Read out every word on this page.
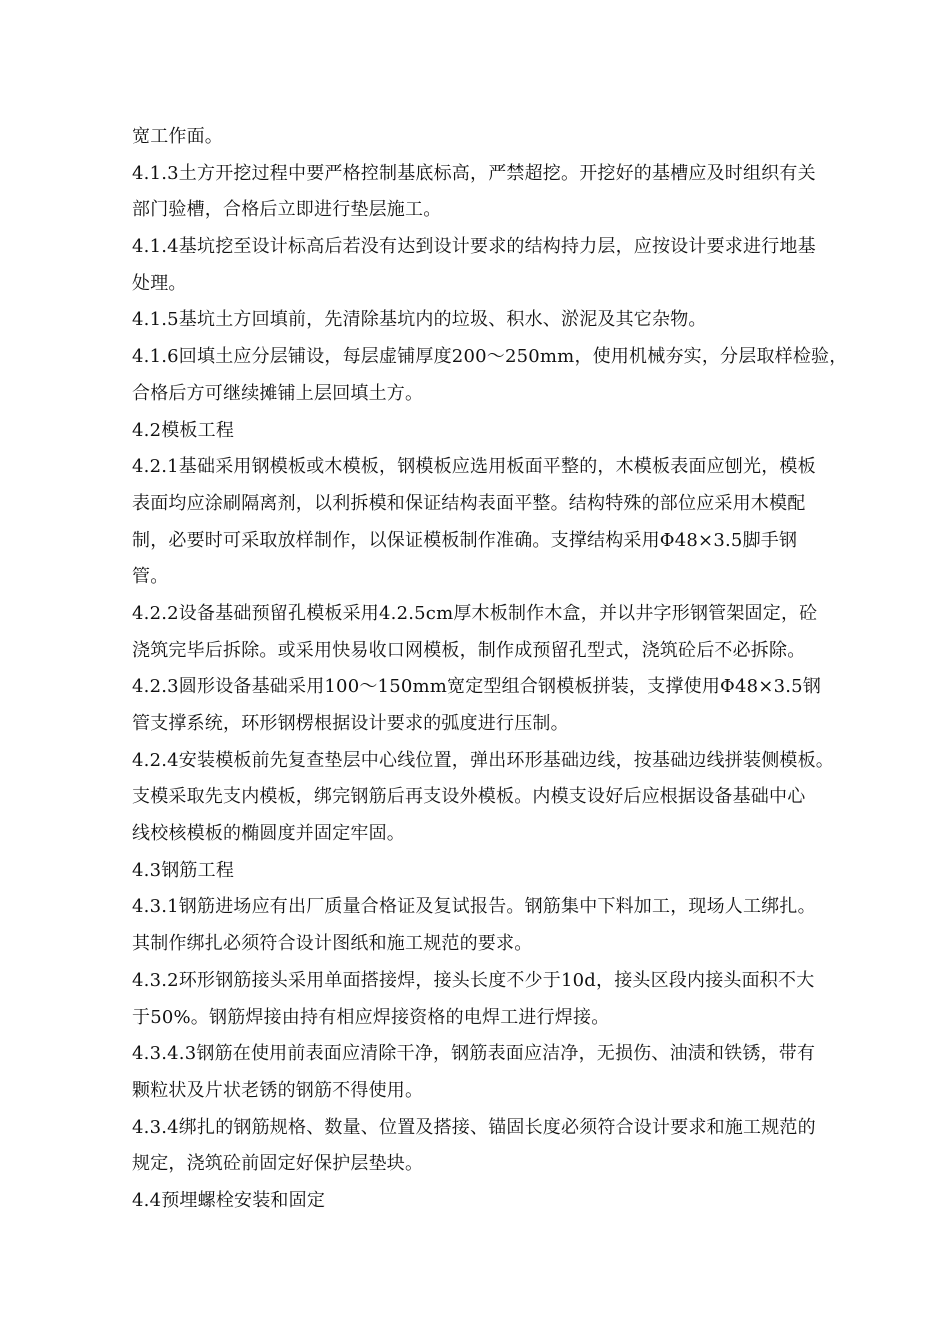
宽工作面。
4.1.3土方开挖过程中要严格控制基底标高，严禁超挖。开挖好的基槽应及时组织有关
部门验槽，合格后立即进行垫层施工。
4.1.4基坑挖至设计标高后若没有达到设计要求的结构持力层，应按设计要求进行地基
处理。
4.1.5基坑土方回填前，先清除基坑内的垃圾、积水、淤泥及其它杂物。
4.1.6回填土应分层铺设，每层虚铺厚度200～250mm，使用机械夯实，分层取样检验，
合格后方可继续摊铺上层回填土方。
4.2模板工程
4.2.1基础采用钢模板或木模板，钢模板应选用板面平整的，木模板表面应刨光，模板
表面均应涂刷隔离剂，以利拆模和保证结构表面平整。结构特殊的部位应采用木模配
制，必要时可采取放样制作，以保证模板制作准确。支撑结构采用Φ48×3.5脚手钢
管。
4.2.2设备基础预留孔模板采用4.2.5cm厚木板制作木盒，并以井字形钢管架固定，砼
浇筑完毕后拆除。或采用快易收口网模板，制作成预留孔型式，浇筑砼后不必拆除。
4.2.3圆形设备基础采用100～150mm宽定型组合钢模板拼装，支撑使用Φ48×3.5钢
管支撑系统，环形钢楞根据设计要求的弧度进行压制。
4.2.4安装模板前先复查垫层中心线位置，弹出环形基础边线，按基础边线拼装侧模板。
支模采取先支内模板，绑完钢筋后再支设外模板。内模支设好后应根据设备基础中心
线校核模板的椭圆度并固定牢固。
4.3钢筋工程
4.3.1钢筋进场应有出厂质量合格证及复试报告。钢筋集中下料加工，现场人工绑扎。
其制作绑扎必须符合设计图纸和施工规范的要求。
4.3.2环形钢筋接头采用单面搭接焊，接头长度不少于10d，接头区段内接头面积不大
于50%。钢筋焊接由持有相应焊接资格的电焊工进行焊接。
4.3.4.3钢筋在使用前表面应清除干净，钢筋表面应洁净，无损伤、油渍和铁锈，带有
颗粒状及片状老锈的钢筋不得使用。
4.3.4绑扎的钢筋规格、数量、位置及搭接、锚固长度必须符合设计要求和施工规范的
规定，浇筑砼前固定好保护层垫块。
4.4预埋螺栓安装和固定
